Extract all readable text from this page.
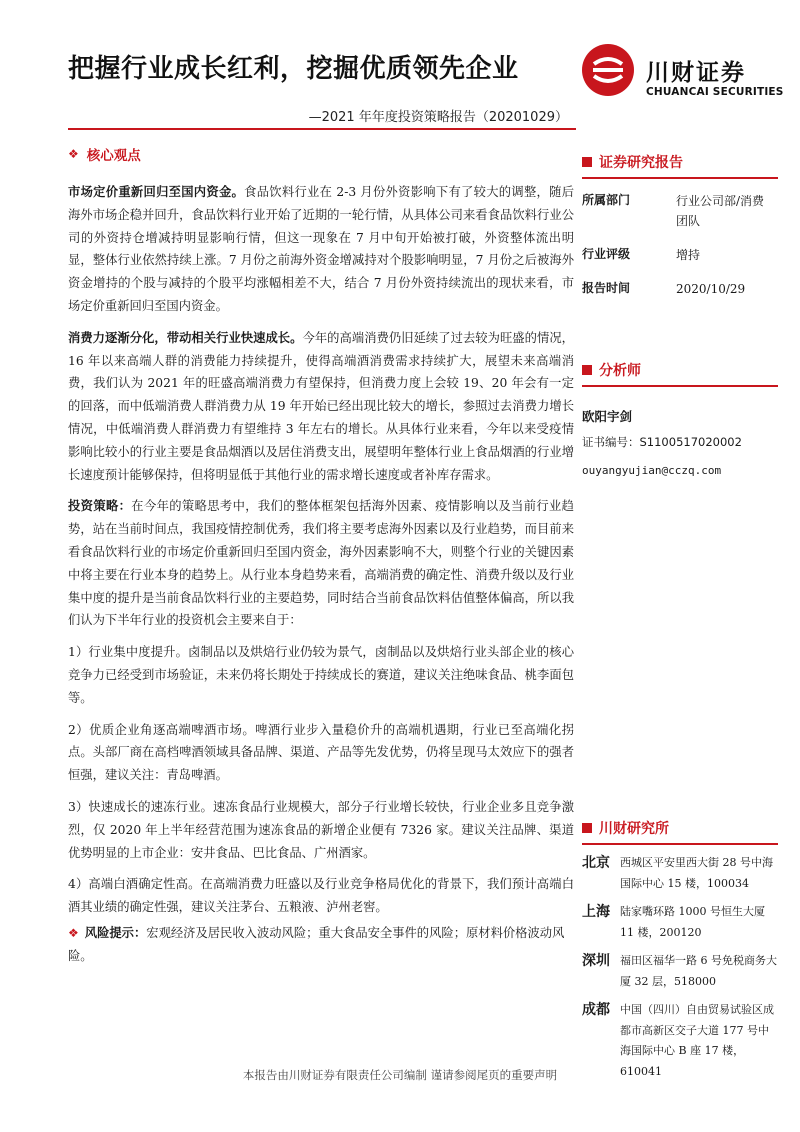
把握行业成长红利，挖掘优质领先企业
—2021 年年度投资策略报告（20201029）
川财证券
CHUANCAI SECURITIES
❖ 核心观点

市场定价重新回归至国内资金。食品饮料行业在 2-3 月份外资影响下有了较大的调整，随后海外市场企稳并回升，食品饮料行业开始了近期的一轮行情，从具体公司来看食品饮料行业公司的外资持仓增减持明显影响行情，但这一现象在 7 月中旬开始被打破，外资整体流出明显，整体行业依然持续上涨。7 月份之前海外资金增减持对个股影响明显，7 月份之后被海外资金增持的个股与减持的个股平均涨幅相差不大，结合 7 月份外资持续流出的现状来看，市场定价重新回归至国内资金。

消费力逐渐分化，带动相关行业快速成长。今年的高端消费仍旧延续了过去较为旺盛的情况，16 年以来高端人群的消费能力持续提升，使得高端酒消费需求持续扩大，展望未来高端消费，我们认为 2021 年的旺盛高端消费力有望保持，但消费力度上会较 19、20 年会有一定的回落，而中低端消费人群消费力从 19 年开始已经出现比较大的增长，参照过去消费力增长情况，中低端消费人群消费力有望维持 3 年左右的增长。从具体行业来看，今年以来受疫情影响比较小的行业主要是食品烟酒以及居住消费支出，展望明年整体行业上食品烟酒的行业增长速度预计能够保持，但将明显低于其他行业的需求增长速度或者补库存需求。

投资策略：在今年的策略思考中，我们的整体框架包括海外因素、疫情影响以及当前行业趋势，站在当前时间点，我国疫情控制优秀，我们将主要考虑海外因素以及行业趋势，而目前来看食品饮料行业的市场定价重新回归至国内资金，海外因素影响不大，则整个行业的关键因素中将主要在行业本身的趋势上。从行业本身趋势来看，高端消费的确定性、消费升级以及行业集中度的提升是当前食品饮料行业的主要趋势，同时结合当前食品饮料估值整体偏高，所以我们认为下半年行业的投资机会主要来自于：

1）行业集中度提升。卤制品以及烘焙行业仍较为景气，卤制品以及烘焙行业头部企业的核心竞争力已经受到市场验证，未来仍将长期处于持续成长的赛道，建议关注绝味食品、桃李面包等。

2）优质企业角逐高端啤酒市场。啤酒行业步入量稳价升的高端机遇期，行业已至高端化拐点。头部厂商在高档啤酒领域具备品牌、渠道、产品等先发优势，仍将呈现马太效应下的强者恒强，建议关注：青岛啤酒。

3）快速成长的速冻行业。速冻食品行业规模大，部分子行业增长较快，行业企业多且竞争激烈，仅 2020 年上半年经营范围为速冻食品的新增企业便有 7326 家。建议关注品牌、渠道优势明显的上市企业：安井食品、巴比食品、广州酒家。

4）高端白酒确定性高。在高端消费力旺盛以及行业竞争格局优化的背景下，我们预计高端白酒其业绩的确定性强，建议关注茅台、五粮液、泸州老窖。

❖ 风险提示：宏观经济及居民收入波动风险；重大食品安全事件的风险；原材料价格波动风险。

证券研究报告
所属部门	行业公司部/消费团队
行业评级	增持
报告时间	2020/10/29
分析师
欧阳宇剑
证书编号：S1100517020002
ouyangyujian@cczq.com
川财研究所
北京 西城区平安里西大街 28 号中海国际中心 15 楼，100034
上海 陆家嘴环路 1000 号恒生大厦 11 楼，200120
深圳 福田区福华一路 6 号免税商务大厦 32 层，518000
成都 中国（四川）自由贸易试验区成都市高新区交子大道 177 号中海国际中心 B 座 17 楼，610041
本报告由川财证券有限责任公司编制 谨请参阅尾页的重要声明
